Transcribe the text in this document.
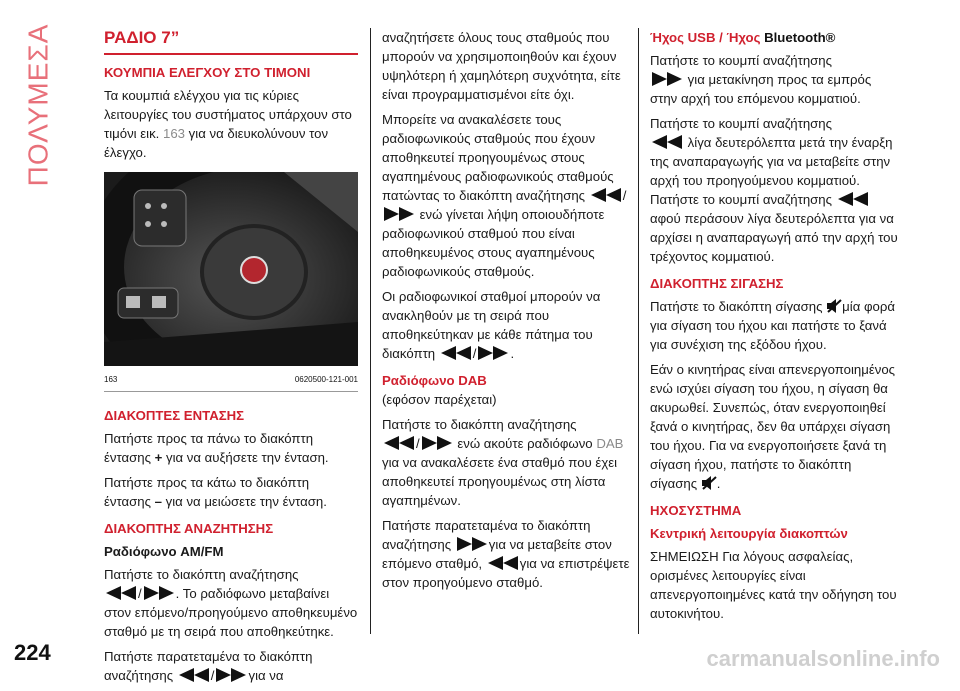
ΠΟΛΥΜΕΣΑ	ΡΑΔΙΟ 7”
ΚΟΥΜΠΙΑ ΕΛΕΓΧΟΥ ΣΤΟ ΤΙΜΟΝΙ

Τα κουμπιά ελέγχου για τις κύριες λειτουργίες του συστήματος υπάρχουν στο τιμόνι εικ. 163 για να διευκολύνουν τον έλεγχο.

163	0620500-121-001
ΔΙΑΚΟΠΤΕΣ ΕΝΤΑΣΗΣ

Πατήστε προς τα πάνω το διακόπτη έντασης + για να αυξήσετε την ένταση.

Πατήστε προς τα κάτω το διακόπτη έντασης – για να μειώσετε την ένταση.

ΔΙΑΚΟΠΤΗΣ ΑΝΑΖΗΤΗΣΗΣ
Ραδιόφωνο AM/FM

Πατήστε το διακόπτη αναζήτησης
/	. Το ραδιόφωνο μεταβαίνει στον επόμενο/προηγούμενο αποθηκευμένο σταθμό με τη σειρά που αποθηκεύτηκε.

Πατήστε παρατεταμένα το διακόπτη αναζήτησης	/	για να

αναζητήσετε όλους τους σταθμούς που μπορούν να χρησιμοποιηθούν και έχουν υψηλότερη ή χαμηλότερη συχνότητα, είτε είναι προγραμματισμένοι είτε όχι.

Μπορείτε να ανακαλέσετε τους ραδιοφωνικούς σταθμούς που έχουν αποθηκευτεί προηγουμένως στους αγαπημένους ραδιοφωνικούς σταθμούς πατώντας το διακόπτη αναζήτησης	/ ενώ γίνεται λήψη οποιουδήποτε ραδιοφωνικού σταθμού που είναι αποθηκευμένος στους αγαπημένους ραδιοφωνικούς σταθμούς.

Οι ραδιοφωνικοί σταθμοί μπορούν να ανακληθούν με τη σειρά που αποθηκεύτηκαν με κάθε πάτημα του διακόπτη	/	.

Ραδιόφωνο DAB

(εφόσον παρέχεται)

Πατήστε το διακόπτη αναζήτησης
/	ενώ ακούτε ραδιόφωνο DAB για να ανακαλέσετε ένα σταθμό που έχει αποθηκευτεί προηγουμένως στη λίστα αγαπημένων.

Πατήστε παρατεταμένα το διακόπτη αναζήτησης	για να μεταβείτε στον επόμενο σταθμό,	για να επιστρέψετε στον προηγούμενο σταθμό.

Ήχος USB / Ήχος Bluetooth®

Πατήστε το κουμπί αναζήτησης
για μετακίνηση προς τα εμπρός στην αρχή του επόμενου κομματιού.

Πατήστε το κουμπί αναζήτησης
λίγα δευτερόλεπτα μετά την έναρξη της αναπαραγωγής για να μεταβείτε στην αρχή του προηγούμενου κομματιού. Πατήστε το κουμπί αναζήτησης αφού περάσουν λίγα δευτερόλεπτα για να αρχίσει η αναπαραγωγή από την αρχή του τρέχοντος κομματιού.

ΔΙΑΚΟΠΤΗΣ ΣΙΓΑΣΗΣ

Πατήστε το διακόπτη σίγασης μία φορά για σίγαση του ήχου και πατήστε το ξανά για συνέχιση της εξόδου ήχου.

Εάν ο κινητήρας είναι απενεργοποιημένος ενώ ισχύει σίγαση του ήχου, η σίγαση θα ακυρωθεί. Συνεπώς, όταν ενεργοποιηθεί ξανά ο κινητήρας, δεν θα υπάρχει σίγαση του ήχου. Για να ενεργοποιήσετε ξανά τη σίγαση ήχου, πατήστε το διακόπτη σίγασης .

ΗΧΟΣΥΣΤΗΜΑ
Κεντρική λειτουργία διακοπτών

ΣΗΜΕΙΩΣΗ Για λόγους ασφαλείας, ορισμένες λειτουργίες είναι απενεργοποιημένες κατά την οδήγηση του αυτοκινήτου.

224	carmanualsonline.info
